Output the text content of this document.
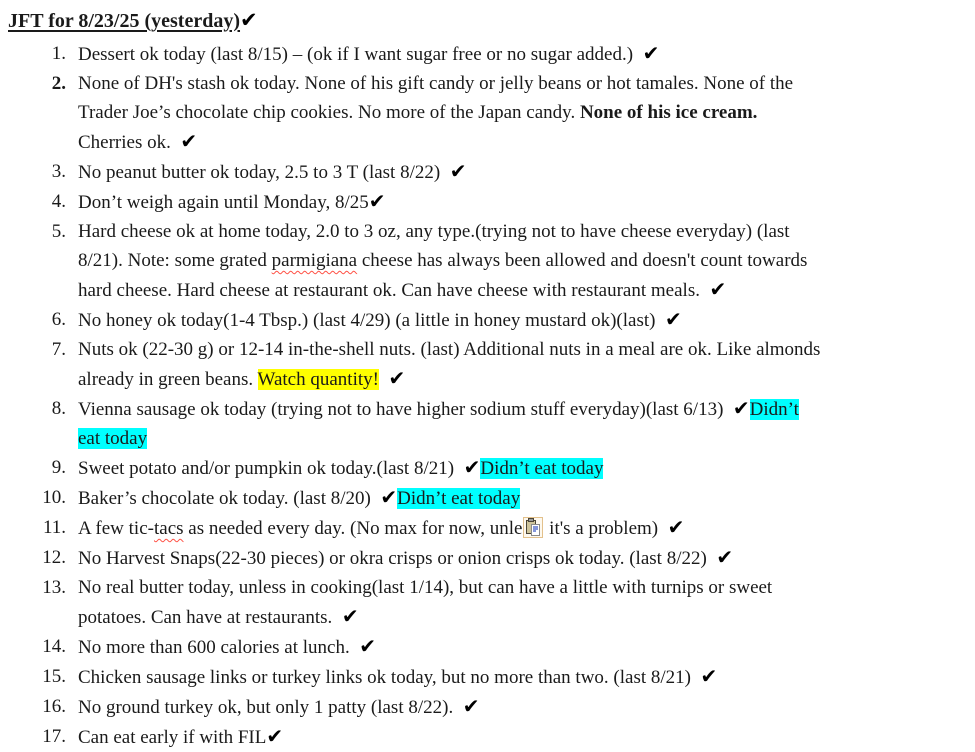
JFT for 8/23/25 (yesterday)✔
1. Dessert ok today (last 8/15) – (ok if I want sugar free or no sugar added.)  ✔
2. None of DH's stash ok today. None of his gift candy or jelly beans or hot tamales. None of the
Trader Joe’s chocolate chip cookies. No more of the Japan candy. None of his ice cream.
Cherries ok.  ✔
3. No peanut butter ok today, 2.5 to 3 T (last 8/22)  ✔
4. Don’t weigh again until Monday, 8/25✔
5. Hard cheese ok at home today, 2.0 to 3 oz, any type.(trying not to have cheese everyday) (last
8/21). Note: some grated parmigiana cheese has always been allowed and doesn't count towards
hard cheese. Hard cheese at restaurant ok. Can have cheese with restaurant meals.  ✔
6. No honey ok today(1-4 Tbsp.) (last 4/29) (a little in honey mustard ok)(last)  ✔
7. Nuts ok (22-30 g) or 12-14 in-the-shell nuts. (last) Additional nuts in a meal are ok. Like almonds
already in green beans. Watch quantity! ✔
8. Vienna sausage ok today (trying not to have higher sodium stuff everyday)(last 6/13)  ✔Didn’t
eat today
9. Sweet potato and/or pumpkin ok today.(last 8/21)  ✔Didn’t eat today
10. Baker’s chocolate ok today. (last 8/20)  ✔Didn’t eat today
11. A few tic-tacs as needed every day. (No max for now, unle it's a problem)  ✔
12. No Harvest Snaps(22-30 pieces) or okra crisps or onion crisps ok today. (last 8/22)  ✔
13. No real butter today, unless in cooking(last 1/14), but can have a little with turnips or sweet
potatoes. Can have at restaurants.  ✔
14. No more than 600 calories at lunch.  ✔
15. Chicken sausage links or turkey links ok today, but no more than two. (last 8/21)  ✔
16. No ground turkey ok, but only 1 patty (last 8/22).  ✔
17. Can eat early if with FIL✔
